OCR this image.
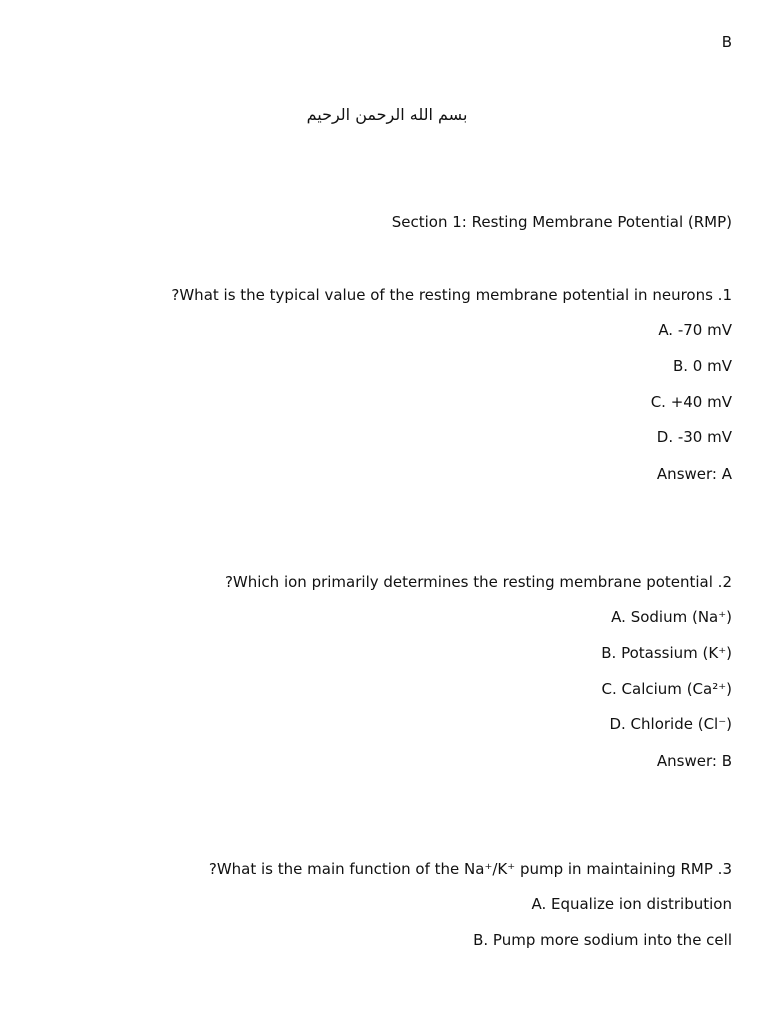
B
بسم الله الرحمن الرحيم
Section 1: Resting Membrane Potential (RMP)
?What is the typical value of the resting membrane potential in neurons .1
A. -70 mV
B. 0 mV
C. +40 mV
D. -30 mV
Answer: A
?Which ion primarily determines the resting membrane potential .2
A. Sodium (Na⁺)
B. Potassium (K⁺)
C. Calcium (Ca²⁺)
D. Chloride (Cl⁻)
Answer: B
?What is the main function of the Na⁺/K⁺ pump in maintaining RMP .3
A. Equalize ion distribution
B. Pump more sodium into the cell
